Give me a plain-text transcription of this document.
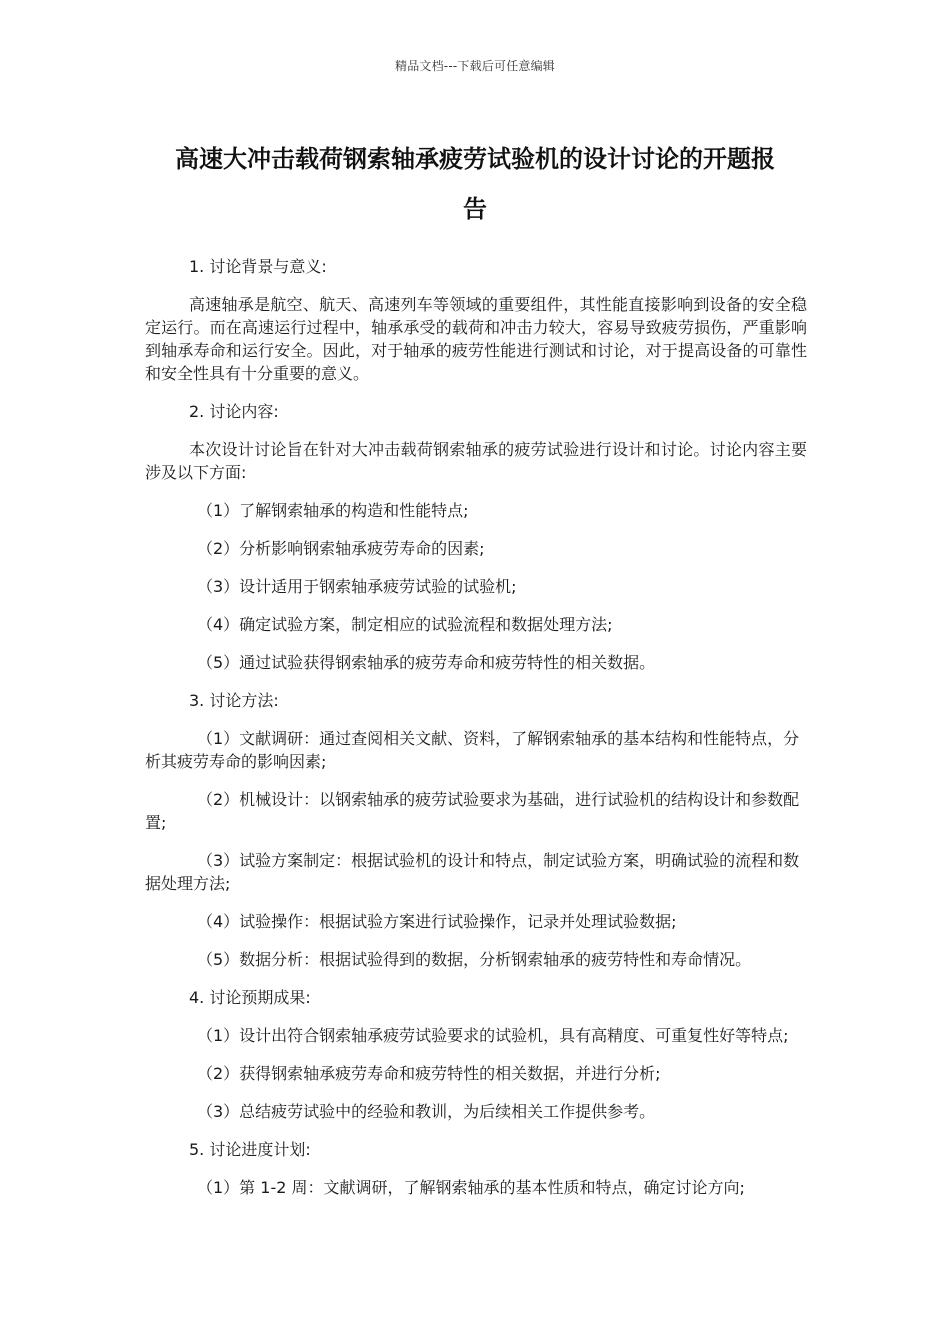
精品文档---下载后可任意编辑
高速大冲击载荷钢索轴承疲劳试验机的设计讨论的开题报
告

1. 讨论背景与意义:

高速轴承是航空、航天、高速列车等领域的重要组件，其性能直接影响到设备的安全稳定运行。而在高速运行过程中，轴承承受的载荷和冲击力较大，容易导致疲劳损伤，严重影响到轴承寿命和运行安全。因此，对于轴承的疲劳性能进行测试和讨论，对于提高设备的可靠性和安全性具有十分重要的意义。

2. 讨论内容:

本次设计讨论旨在针对大冲击载荷钢索轴承的疲劳试验进行设计和讨论。讨论内容主要涉及以下方面:

（1）了解钢索轴承的构造和性能特点;

（2）分析影响钢索轴承疲劳寿命的因素;

（3）设计适用于钢索轴承疲劳试验的试验机;

（4）确定试验方案，制定相应的试验流程和数据处理方法;

（5）通过试验获得钢索轴承的疲劳寿命和疲劳特性的相关数据。

3. 讨论方法:

（1）文献调研：通过查阅相关文献、资料，了解钢索轴承的基本结构和性能特点，分析其疲劳寿命的影响因素;

（2）机械设计：以钢索轴承的疲劳试验要求为基础，进行试验机的结构设计和参数配置;

（3）试验方案制定：根据试验机的设计和特点，制定试验方案，明确试验的流程和数据处理方法;

（4）试验操作：根据试验方案进行试验操作，记录并处理试验数据;

（5）数据分析：根据试验得到的数据，分析钢索轴承的疲劳特性和寿命情况。

4. 讨论预期成果:

（1）设计出符合钢索轴承疲劳试验要求的试验机，具有高精度、可重复性好等特点;

（2）获得钢索轴承疲劳寿命和疲劳特性的相关数据，并进行分析;

（3）总结疲劳试验中的经验和教训，为后续相关工作提供参考。

5. 讨论进度计划:

（1）第 1-2 周：文献调研，了解钢索轴承的基本性质和特点，确定讨论方向;
